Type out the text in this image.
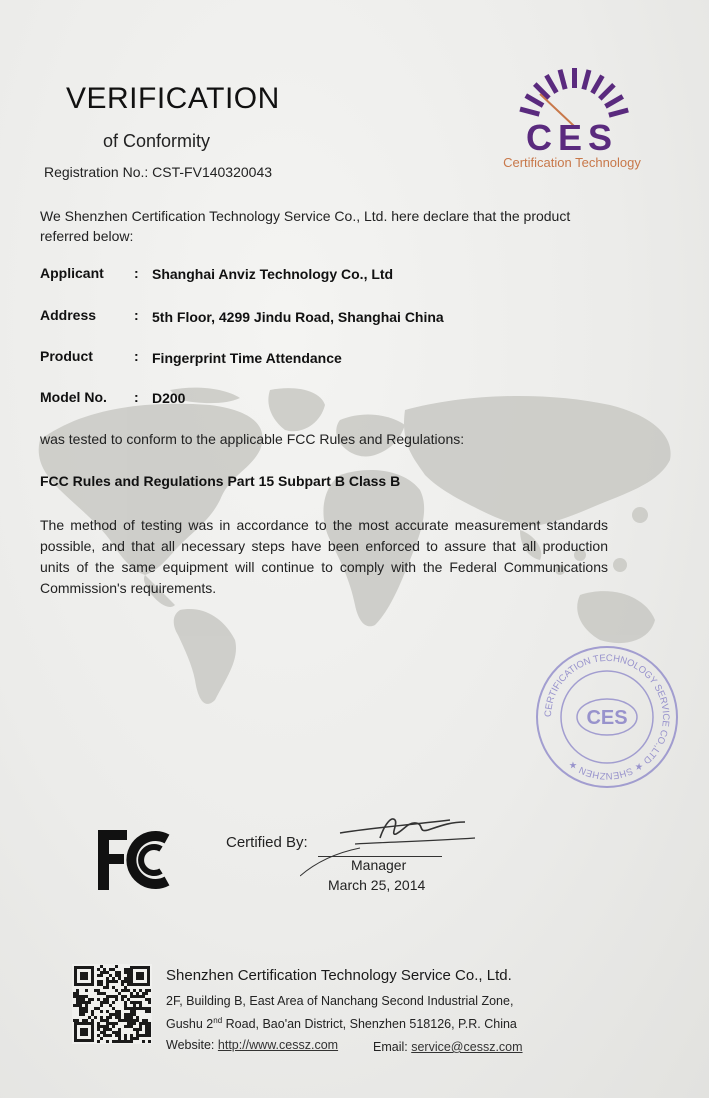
VERIFICATION
of Conformity
Registration No.: CST-FV140320043
CES
Certification Technology
We Shenzhen Certification Technology Service Co., Ltd. here declare that the product referred below:
Applicant : Shanghai Anviz Technology Co., Ltd
Address	: 5th Floor, 4299 Jindu Road, Shanghai China
Product	: Fingerprint Time Attendance
Model No. : D200
was tested to conform to the applicable FCC Rules and Regulations:
FCC Rules and Regulations Part 15 Subpart B Class B
The method of testing was in accordance to the most accurate measurement standards possible, and that all necessary steps have been enforced to assure that all production units of the same equipment will continue to comply with the Federal Communications Commission's requirements.
CERTIFICATION TECHNOLOGY SERVICE CO.,LTD ★ SHENZHEN ★
CES
Certified By:
Manager
March 25, 2014
Shenzhen Certification Technology Service Co., Ltd.
2F, Building B, East Area of Nanchang Second Industrial Zone,
Gushu 2nd Road, Bao'an District, Shenzhen 518126, P.R. China
Website: http://www.cessz.com	Email: service@cessz.com
